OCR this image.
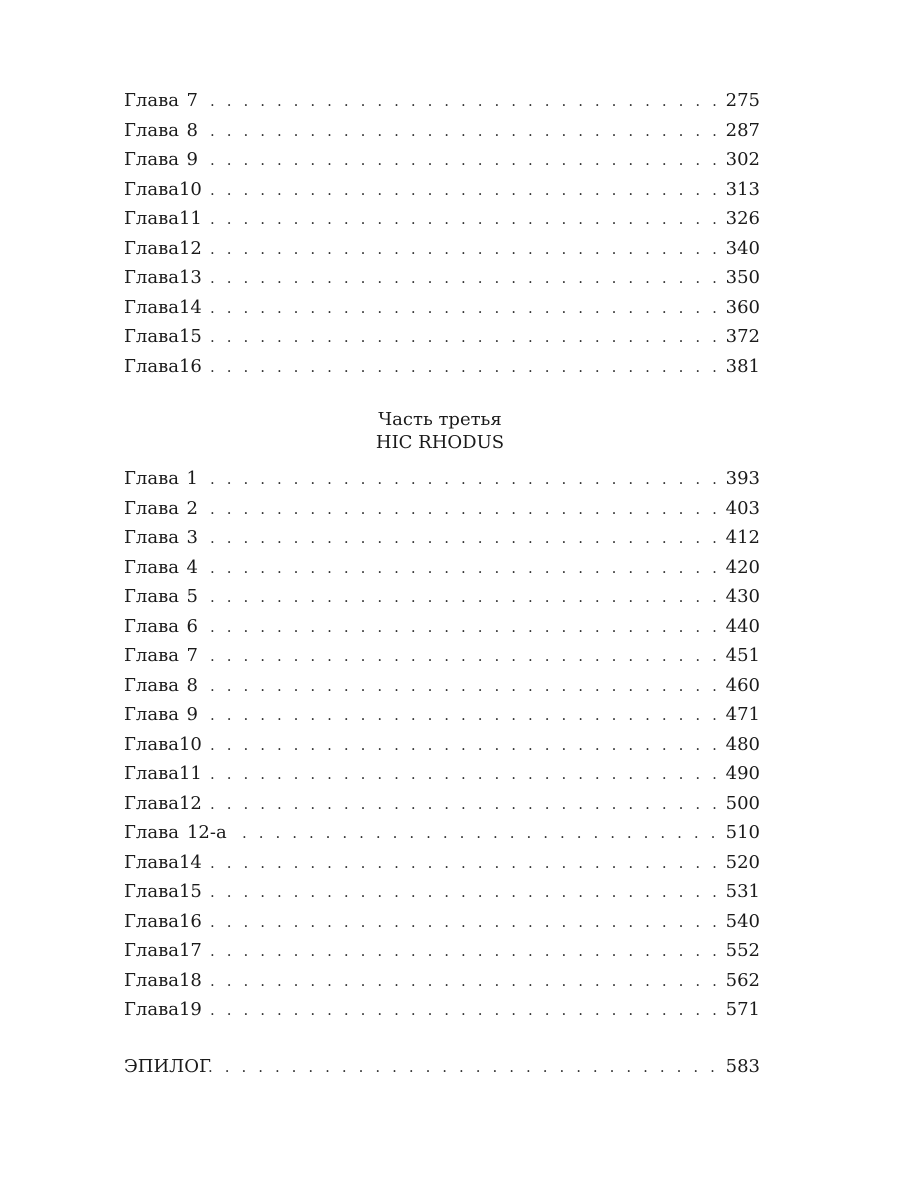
Глава 7 . . .	275
Глава 8 . . .	287
Глава 9 . . .	302
Глава 10 . . .	313
Глава 11 . . .	326
Глава 12 . . .	340
Глава 13 . . .	350
Глава 14 . . .	360
Глава 15 . . .	372
Глава 16 . . .	381
Часть третья
HIC RHODUS
Глава 1 . . .	393
Глава 2 . . .	403
Глава 3 . . .	412
Глава 4 . . .	420
Глава 5 . . .	430
Глава 6 . . .	440
Глава 7 . . .	451
Глава 8 . . .	460
Глава 9 . . .	471
Глава 10 . . .	480
Глава 11 . . .	490
Глава 12 . . .	500
Глава 12-а . . .	510
Глава 14 . . .	520
Глава 15 . . .	531
Глава 16 . . .	540
Глава 17 . . .	552
Глава 18 . . .	562
Глава 19 . . .	571
ЭПИЛОГ . . .	583
